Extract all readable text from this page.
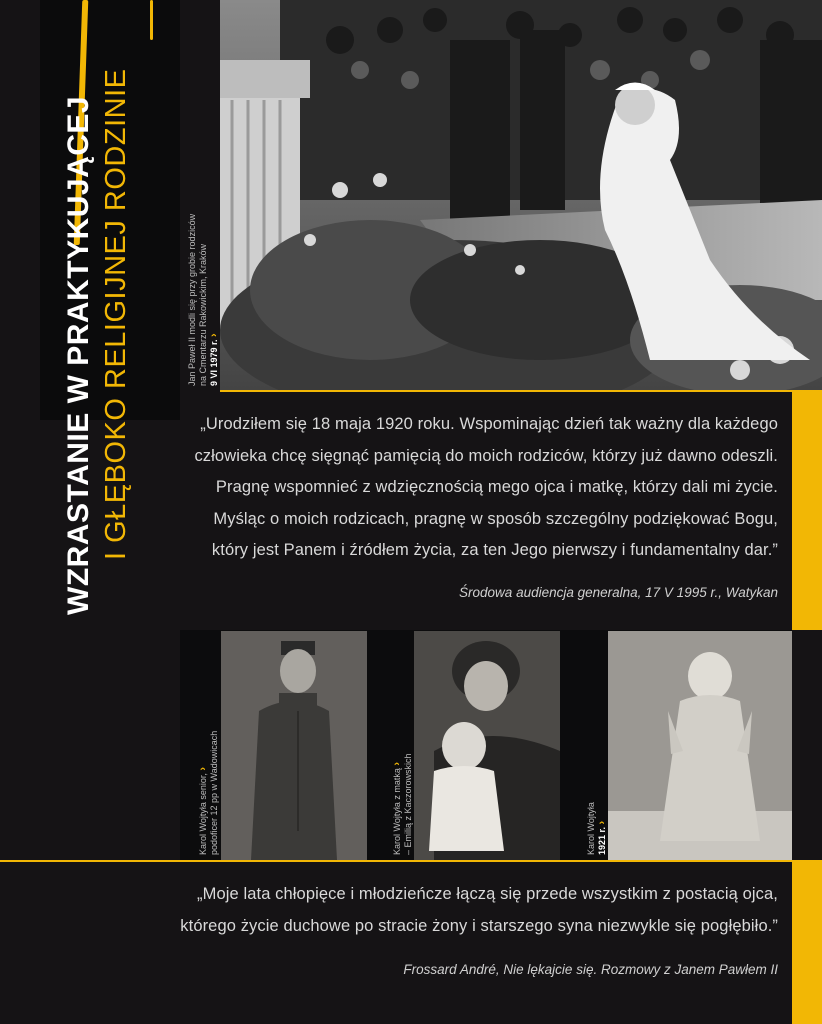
WZRASTANIE W PRAKTYKUJĄCEJ I GŁĘBOKO RELIGIJNEJ RODZINIE	Jan Paweł II modli się przy grobie rodziców na Cmentarzu Rakowickim, Kraków 9 VI 1979 r. ›
„Urodziłem się 18 maja 1920 roku. Wspominając dzień tak ważny dla każdego
człowieka chcę sięgnąć pamięcią do moich rodziców, którzy już dawno odeszli.
Pragnę wspomnieć z wdzięcznością mego ojca i matkę, którzy dali mi życie.
Myśląc o moich rodzicach, pragnę w sposób szczególny podziękować Bogu,
który jest Panem i źródłem życia, za ten Jego pierwszy i fundamentalny dar.”
Środowa audiencja generalna, 17 V 1995 r., Watykan
Karol Wojtyła senior, › podoficer 12 pp w Wadowicach	Karol Wojtyła z matką › – Emilią z Kaczorowskich	Karol Wojtyła 1921 r. ›
„Moje lata chłopięce i młodzieńcze łączą się przede wszystkim z postacią ojca,
którego życie duchowe po stracie żony i starszego syna niezwykle się pogłębiło.”
Frossard André, Nie lękajcie się. Rozmowy z Janem Pawłem II
